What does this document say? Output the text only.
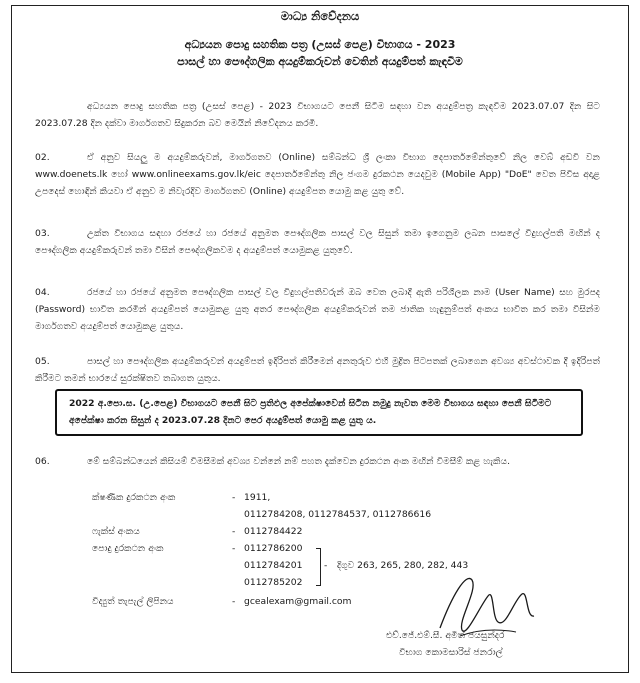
මාධ්‍ය නිවේදනය
අධ්‍යයන පොදු සහතික පත්‍ර (උසස් පෙළ) විභාගය - 2023
පාසල් හා පෞද්ගලික අයදුම්කරුවන් වෙතින් අයදුම්පත් කැඳවීම
අධ්‍යයන පොදු සහතික පත්‍ර (උසස් පෙළ) - 2023 විභාගයට පෙනී සිටීම සඳහා වන අයදුම්පත්‍ර කැඳවීම 2023.07.07 දින සිට 2023.07.28 දින දක්වා මාර්ගගතව සිදුකරන බව මෙයින් නිවේදනය කරමි.
02.	ඒ අනුව සියලු ම අයදුම්කරුවන්, මාර්ගගතව (Online) සම්බන්ධ ශ්‍රී ලංකා විභාග දෙපාර්තමේන්තුවේ නිල වෙබ් අඩවි වන www.doenets.lk හෝ www.onlineexams.gov.lk/eic දෙපාර්තමේන්තු නිල ජංගම දුරකථන යෙදවුම (Mobile App) "DoE" වෙත පිවිස අදාළ උපදෙස් හොඳින් කියවා ඒ අනුව ම නිවැරදිව මාර්ගගතව (Online) අයදුම්පත යොමු කළ යුතු වේ.
03.	උක්ත විභාගය සඳහා රජයේ හා රජයේ අනුමත පෞද්ගලික පාසල් වල සිසුන් තමා ඉගෙනුම ලබන පාසලේ විදුහල්පති මඟින් ද පෞද්ගලික අයදුම්කරුවන් තමා විසින් පෞද්ගලිකවම ද අයදුම්පත් යොමුකළ යුතුවේ.
04.	රජයේ හා රජයේ අනුමත පෞද්ගලික පාසල් වල විදුහල්පතිවරුන් ඔබ වෙත ලබාදී ඇති පරිශීලක නාම (User Name) සහ මුරපද (Password) භාවිත කරමින් අයදුම්පත් යොමුකළ යුතු අතර පෞද්ගලික අයදුම්කරුවන් තම ජාතික හැඳුනුම්පත් අංකය භාවිත කර තමා විසින්ම මාර්ගගතව අයදුම්පත් යොමුකළ යුතුය.
05.	පාසල් හා පෞද්ගලික අයදුම්කරුවන් අයදුම්පත් ඉදිරිපත් කිරීමෙන් අනතුරුව එහි මුද්‍රිත පිටපතක් ලබාගෙන අවශ්‍ය අවස්ථාවක දී ඉදිරිපත් කිරීමට තමන් භාරයේ සුරක්ෂිතව තබාගත යුතුය.
2022 අ.පො.ස. (උ.පෙළ) විභාගයට පෙනී සිට ප්‍රතිඵල අපේක්ෂාවෙන් සිටින නමුදු නැවත මෙම විභාගය සඳහා පෙනී සිටීමට අපේක්ෂා කරන සිසුන් ද 2023.07.28 දිනට පෙර අයදුම්පත් යොමු කළ යුතු ය.
06.	මේ සම්බන්ධයෙන් කිසියම් විමසීමක් අවශ්‍ය වන්නේ නම් පහත දැක්වෙන දුරකථන අංක මඟින් විමසීම් කළ හැකිය.
ක්ෂණික දුරකථන අංක	- 1911,
0112784208, 0112784537, 0112786616
ෆැක්ස් අංකය	- 0112784422
පොදු දුරකථන අංක	- 0112786200
0112784201
0112785202
- දිගුව 263, 265, 280, 282, 443
විද්‍යුත් තැපැල් ලිපිනය	- gcealexam@gmail.com
එච්.ජේ.එම්.සී. අමිත් ජයසුන්දර
විභාග කොමසාරිස් ජනරාල්
